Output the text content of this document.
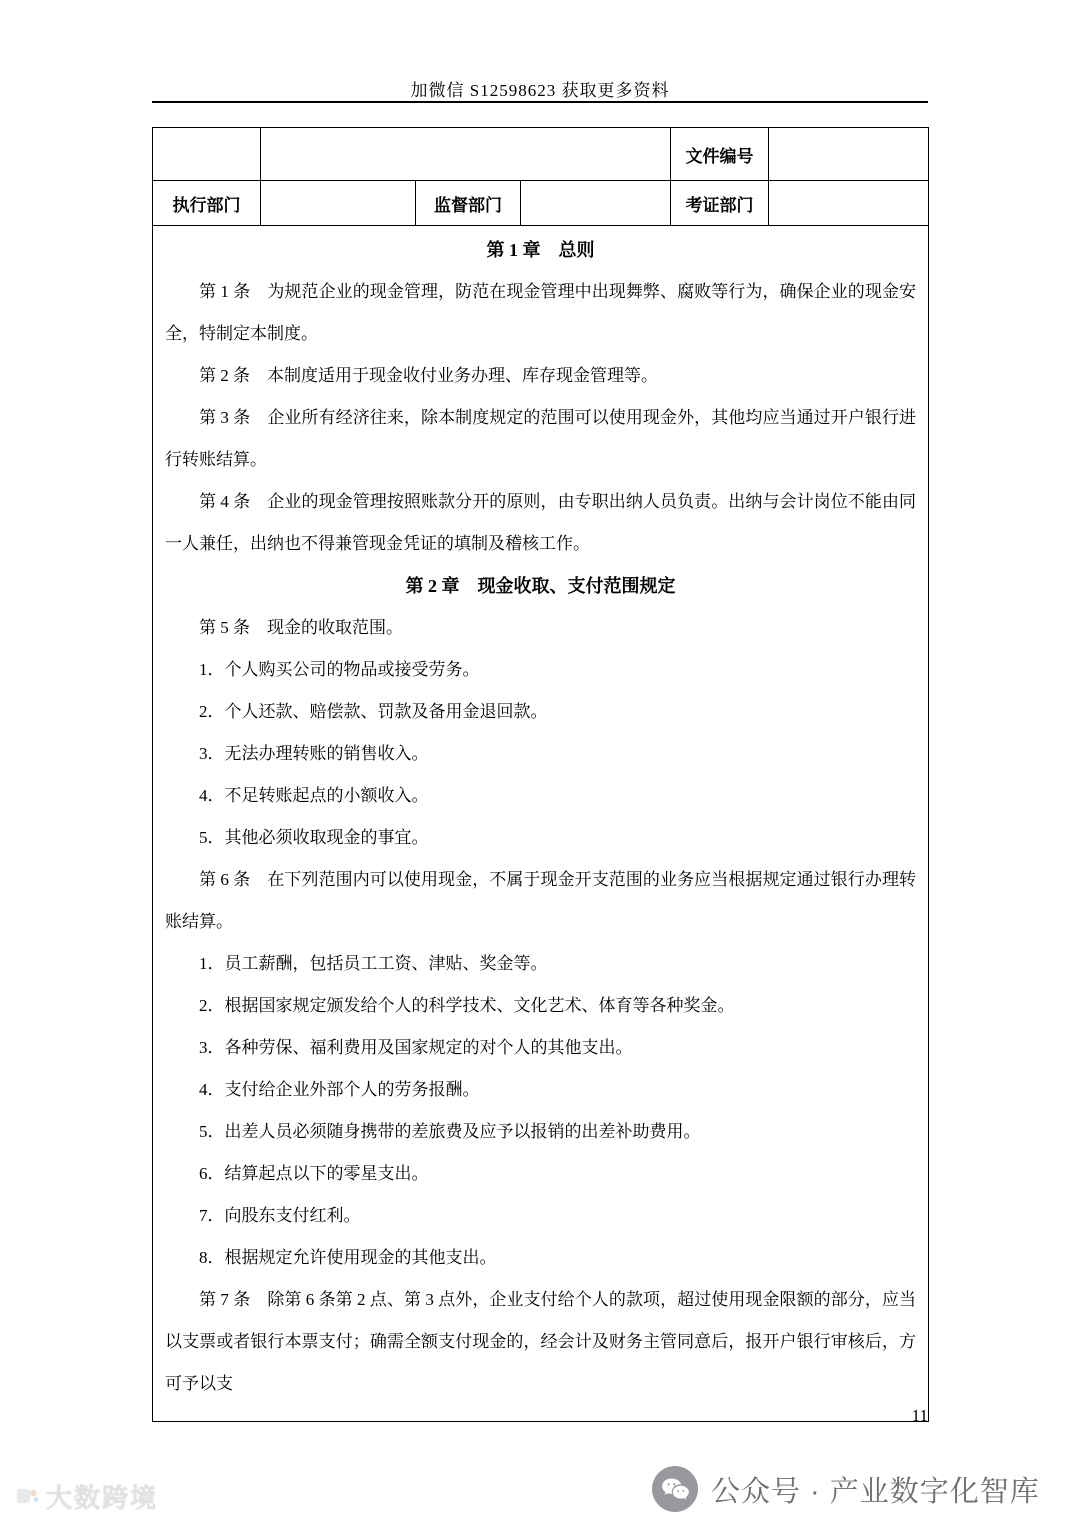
加微信 S12598623 获取更多资料
				文件编号	
执行部门		监督部门		考证部门	

第 1 章　总则
第 1 条　为规范企业的现金管理，防范在现金管理中出现舞弊、腐败等行为，确保企业的现金安全，特制定本制度。
第 2 条　本制度适用于现金收付业务办理、库存现金管理等。
第 3 条　企业所有经济往来，除本制度规定的范围可以使用现金外，其他均应当通过开户银行进行转账结算。
第 4 条　企业的现金管理按照账款分开的原则，由专职出纳人员负责。出纳与会计岗位不能由同一人兼任，出纳也不得兼管现金凭证的填制及稽核工作。
第 2 章　现金收取、支付范围规定
第 5 条　现金的收取范围。
1．个人购买公司的物品或接受劳务。
2．个人还款、赔偿款、罚款及备用金退回款。
3．无法办理转账的销售收入。
4．不足转账起点的小额收入。
5．其他必须收取现金的事宜。
第 6 条　在下列范围内可以使用现金，不属于现金开支范围的业务应当根据规定通过银行办理转账结算。
1．员工薪酬，包括员工工资、津贴、奖金等。
2．根据国家规定颁发给个人的科学技术、文化艺术、体育等各种奖金。
3．各种劳保、福利费用及国家规定的对个人的其他支出。
4．支付给企业外部个人的劳务报酬。
5．出差人员必须随身携带的差旅费及应予以报销的出差补助费用。
6．结算起点以下的零星支出。
7．向股东支付红利。
8．根据规定允许使用现金的其他支出。
第 7 条　除第 6 条第 2 点、第 3 点外，企业支付给个人的款项，超过使用现金限额的部分，应当以支票或者银行本票支付；确需全额支付现金的，经会计及财务主管同意后，报开户银行审核后，方可予以支
11
大数跨境	公众号 · 产业数字化智库
